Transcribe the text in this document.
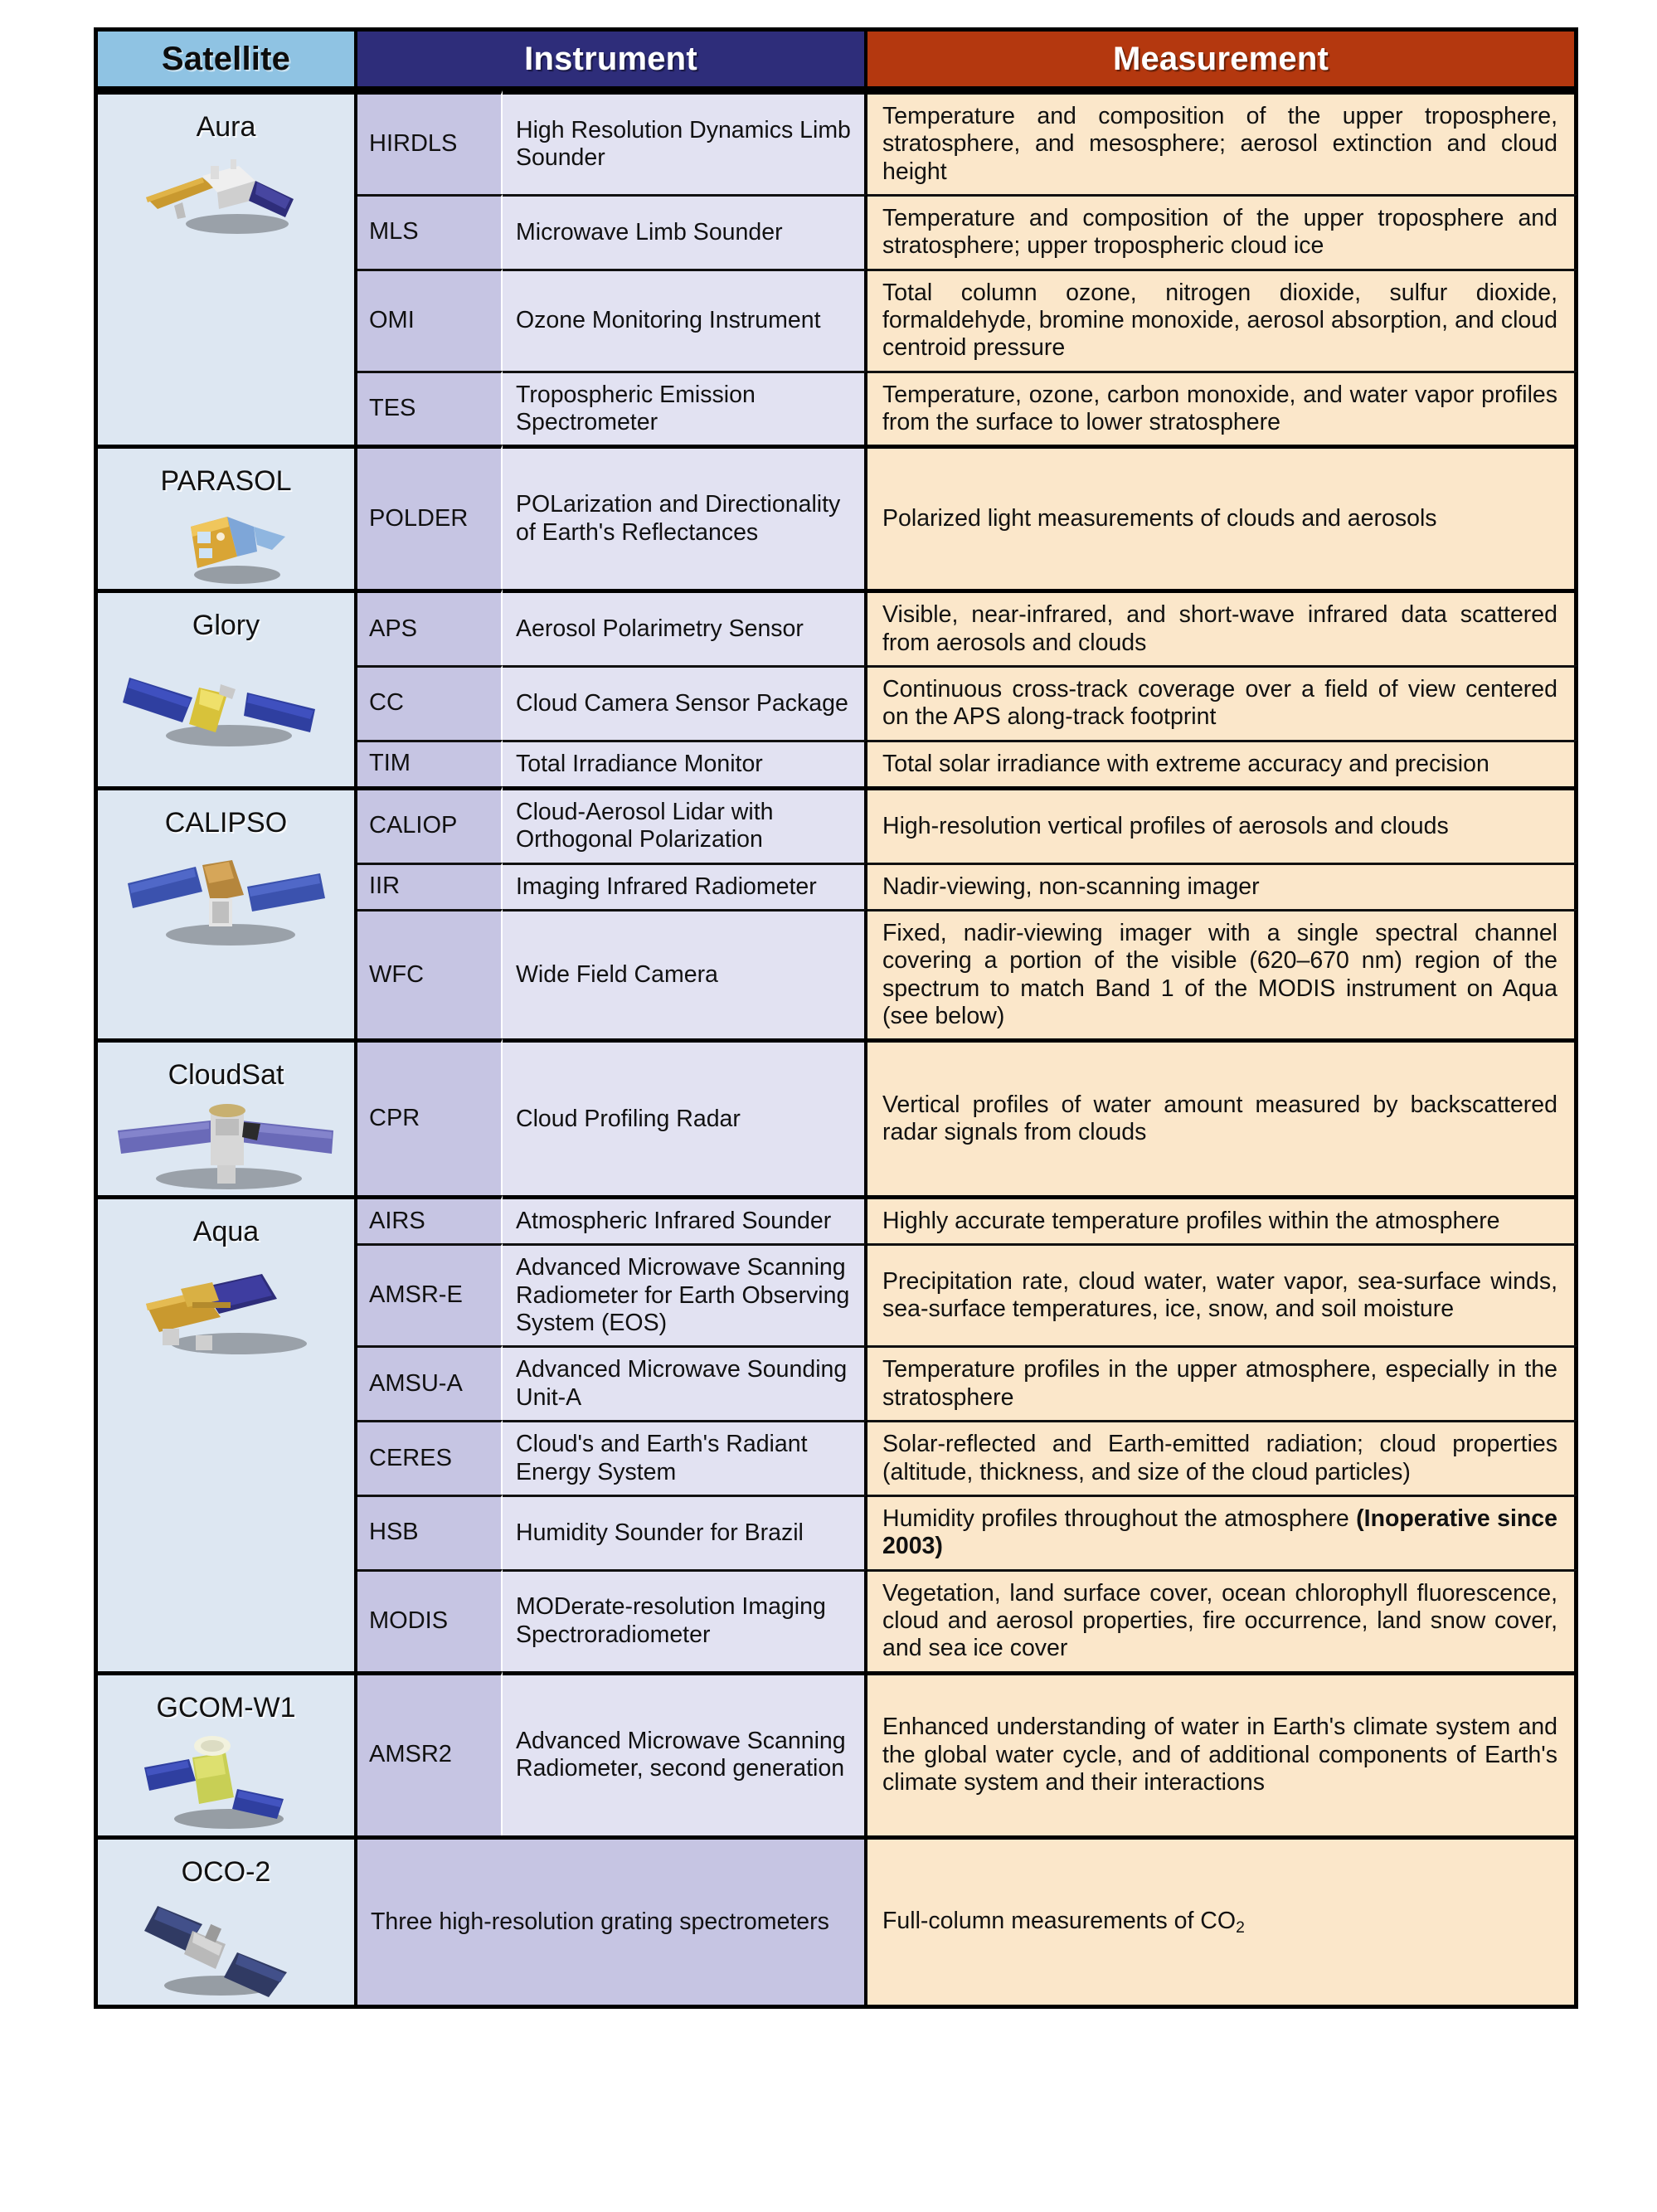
Satellite	Instrument		Measurement

Aura	HIRDLS	High Resolution Dynamics Limb Sounder	Temperature and composition of the upper troposphere, stratosphere, and mesosphere; aerosol extinction and cloud height
	MLS	Microwave Limb Sounder	Temperature and composition of the upper troposphere and stratosphere; upper tropospheric cloud ice
	OMI	Ozone Monitoring Instrument	Total column ozone, nitrogen dioxide, sulfur dioxide, formaldehyde, bromine monoxide, aerosol absorption, and cloud centroid pressure
	TES	Tropospheric Emission Spectrometer	Temperature, ozone, carbon monoxide, and water vapor profiles from the surface to lower stratosphere

PARASOL	POLDER	POLarization and Directionality of Earth's Reflectances	Polarized light measurements of clouds and aerosols

Glory	APS	Aerosol Polarimetry Sensor	Visible, near-infrared, and short-wave infrared data scattered from aerosols and clouds
	CC	Cloud Camera Sensor Package	Continuous cross-track coverage over a field of view centered on the APS along-track footprint
	TIM	Total Irradiance Monitor	Total solar irradiance with extreme accuracy and precision

CALIPSO	CALIOP	Cloud-Aerosol Lidar with Orthogonal Polarization	High-resolution vertical profiles of aerosols and clouds
	IIR	Imaging Infrared Radiometer	Nadir-viewing, non-scanning imager
	WFC	Wide Field Camera	Fixed, nadir-viewing imager with a single spectral channel covering a portion of the visible (620–670 nm) region of the spectrum to match Band 1 of the MODIS instrument on Aqua (see below)

CloudSat	CPR	Cloud Profiling Radar	Vertical profiles of water amount measured by backscattered radar signals from clouds

Aqua	AIRS	Atmospheric Infrared Sounder	Highly accurate temperature profiles within the atmosphere
	AMSR-E	Advanced Microwave Scanning Radiometer for Earth Observing System (EOS)	Precipitation rate, cloud water, water vapor, sea-surface winds, sea-surface temperatures, ice, snow, and soil moisture
	AMSU-A	Advanced Microwave Sounding Unit-A	Temperature profiles in the upper atmosphere, especially in the stratosphere
	CERES	Cloud's and Earth's Radiant Energy System	Solar-reflected and Earth-emitted radiation; cloud properties (altitude, thickness, and size of the cloud particles)
	HSB	Humidity Sounder for Brazil	Humidity profiles throughout the atmosphere (Inoperative since 2003)
	MODIS	MODerate-resolution Imaging Spectroradiometer	Vegetation, land surface cover, ocean chlorophyll fluorescence, cloud and aerosol properties, fire occurrence, land snow cover, and sea ice cover

GCOM-W1	AMSR2	Advanced Microwave Scanning Radiometer, second generation	Enhanced understanding of water in Earth's climate system and the global water cycle, and of additional components of Earth's climate system and their interactions

OCO-2	Three high-resolution grating spectrometers		Full-column measurements of $CO_2$
